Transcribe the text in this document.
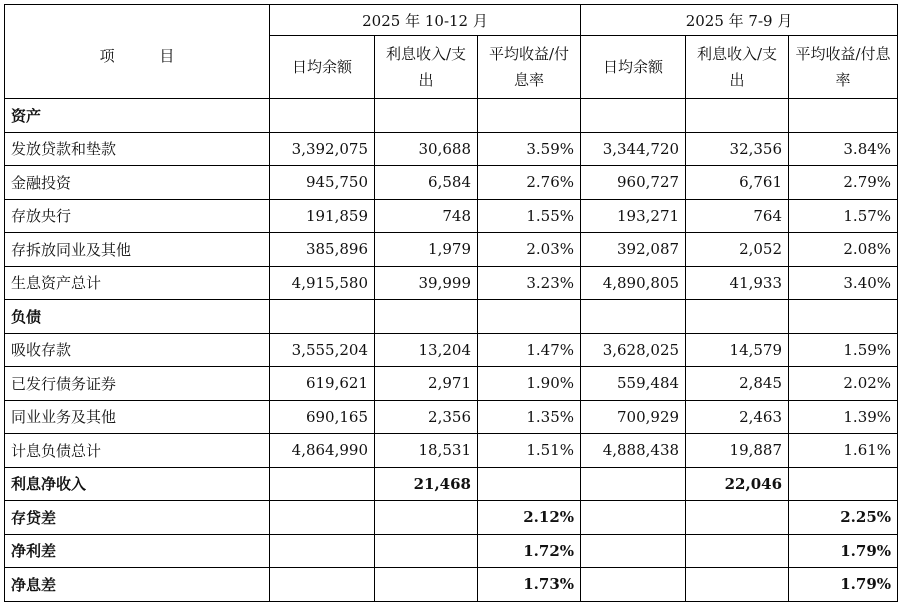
项 目	2025 年 10-12 月			2025 年 7-9 月		
	日均余额	利息收入/支出	平均收益/付息率	日均余额	利息收入/支出	平均收益/付息率
资产						
发放贷款和垫款	3,392,075	30,688	3.59%	3,344,720	32,356	3.84%
金融投资	945,750	6,584	2.76%	960,727	6,761	2.79%
存放央行	191,859	748	1.55%	193,271	764	1.57%
存拆放同业及其他	385,896	1,979	2.03%	392,087	2,052	2.08%
生息资产总计	4,915,580	39,999	3.23%	4,890,805	41,933	3.40%
负债						
吸收存款	3,555,204	13,204	1.47%	3,628,025	14,579	1.59%
已发行债务证券	619,621	2,971	1.90%	559,484	2,845	2.02%
同业业务及其他	690,165	2,356	1.35%	700,929	2,463	1.39%
计息负债总计	4,864,990	18,531	1.51%	4,888,438	19,887	1.61%
利息净收入		21,468			22,046	
存贷差			2.12%			2.25%
净利差			1.72%			1.79%
净息差			1.73%			1.79%
